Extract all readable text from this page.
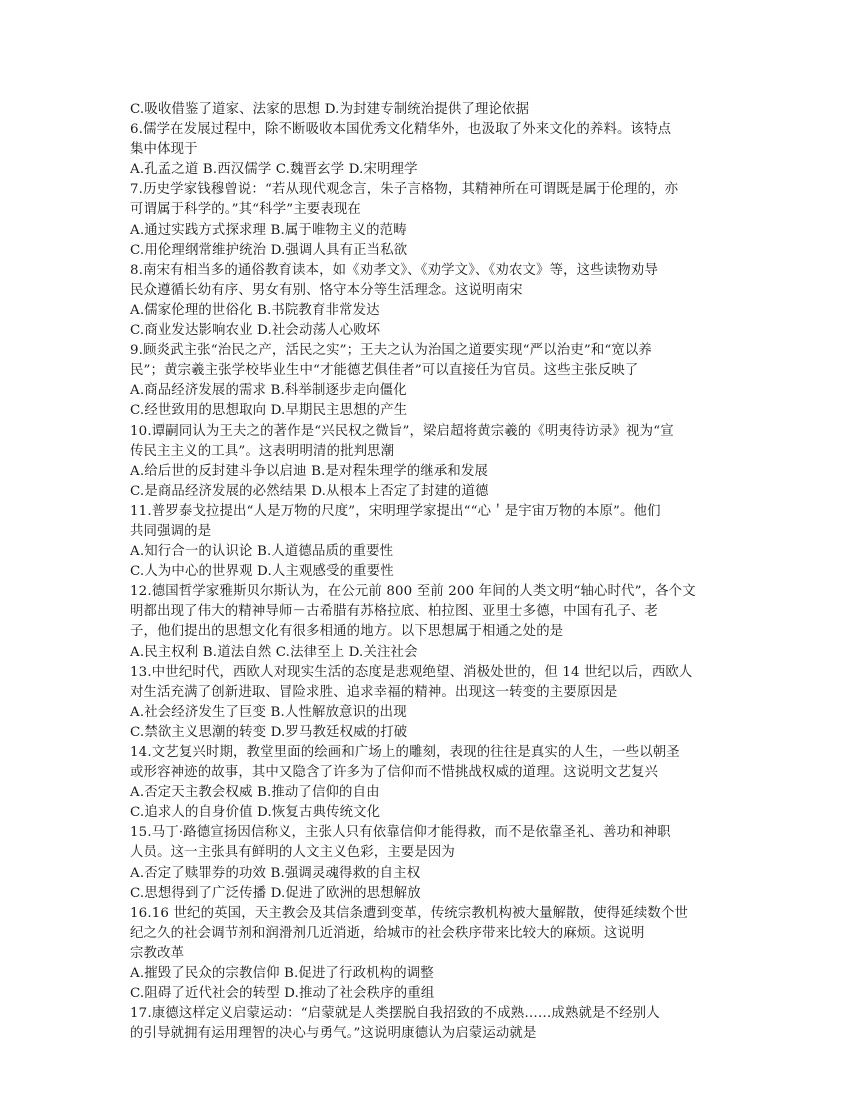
C.吸收借鉴了道家、法家的思想 D.为封建专制统治提供了理论依据
6.儒学在发展过程中，除不断吸收本国优秀文化精华外，也汲取了外来文化的养料。该特点
集中体现于
A.孔孟之道 B.西汉儒学 C.魏晋玄学 D.宋明理学
7.历史学家钱穆曾说：“若从现代观念言，朱子言格物，其精神所在可谓既是属于伦理的，亦
可谓属于科学的。”其“科学”主要表现在
A.通过实践方式探求理 B.属于唯物主义的范畴
C.用伦理纲常维护统治 D.强调人具有正当私欲
8.南宋有相当多的通俗教育读本，如《劝孝文》、《劝学文》、《劝农文》等，这些读物劝导
民众遵循长幼有序、男女有别、恪守本分等生活理念。这说明南宋
A.儒家伦理的世俗化 B.书院教育非常发达
C.商业发达影响农业 D.社会动荡人心败坏
9.顾炎武主张“治民之产，活民之实”；王夫之认为治国之道要实现“严以治吏”和“宽以养
民”；黄宗羲主张学校毕业生中“才能德艺俱佳者”可以直接任为官员。这些主张反映了
A.商品经济发展的需求 B.科举制逐步走向僵化
C.经世致用的思想取向 D.早期民主思想的产生
10.谭嗣同认为王夫之的著作是“兴民权之微旨”，梁启超将黄宗羲的《明夷待访录》视为“宣
传民主主义的工具”。这表明明清的批判思潮
A.给后世的反封建斗争以启迪 B.是对程朱理学的继承和发展
C.是商品经济发展的必然结果 D.从根本上否定了封建的道德
11.普罗泰戈拉提出“人是万物的尺度”，宋明理学家提出““心＇是宇宙万物的本原”。他们
共同强调的是
A.知行合一的认识论 B.人道德品质的重要性
C.人为中心的世界观 D.人主观感受的重要性
12.德国哲学家雅斯贝尔斯认为，在公元前 800 至前 200 年间的人类文明“轴心时代”，各个文
明都出现了伟大的精神导师－古希腊有苏格拉底、柏拉图、亚里士多德，中国有孔子、老
子，他们提出的思想文化有很多相通的地方。以下思想属于相通之处的是
A.民主权利 B.道法自然 C.法律至上 D.关注社会
13.中世纪时代，西欧人对现实生活的态度是悲观绝望、消极处世的，但 14 世纪以后，西欧人
对生活充满了创新进取、冒险求胜、追求幸福的精神。出现这一转变的主要原因是
A.社会经济发生了巨变 B.人性解放意识的出现
C.禁欲主义思潮的转变 D.罗马教廷权威的打破
14.文艺复兴时期，教堂里面的绘画和广场上的雕刻，表现的往往是真实的人生，一些以朝圣
或形容神迹的故事，其中又隐含了许多为了信仰而不惜挑战权威的道理。这说明文艺复兴
A.否定天主教会权威 B.推动了信仰的自由
C.追求人的自身价值 D.恢复古典传统文化
15.马丁·路德宣扬因信称义，主张人只有依靠信仰才能得救，而不是依靠圣礼、善功和神职
人员。这一主张具有鲜明的人文主义色彩，主要是因为
A.否定了赎罪券的功效 B.强调灵魂得救的自主权
C.思想得到了广泛传播 D.促进了欧洲的思想解放
16.16 世纪的英国，天主教会及其信条遭到变革，传统宗教机构被大量解散，使得延续数个世
纪之久的社会调节剂和润滑剂几近消逝，给城市的社会秩序带来比较大的麻烦。这说明
宗教改革
A.摧毁了民众的宗教信仰 B.促进了行政机构的调整
C.阻碍了近代社会的转型 D.推动了社会秩序的重组
17.康德这样定义启蒙运动：“启蒙就是人类摆脱自我招致的不成熟……成熟就是不经别人
的引导就拥有运用理智的决心与勇气。”这说明康德认为启蒙运动就是
